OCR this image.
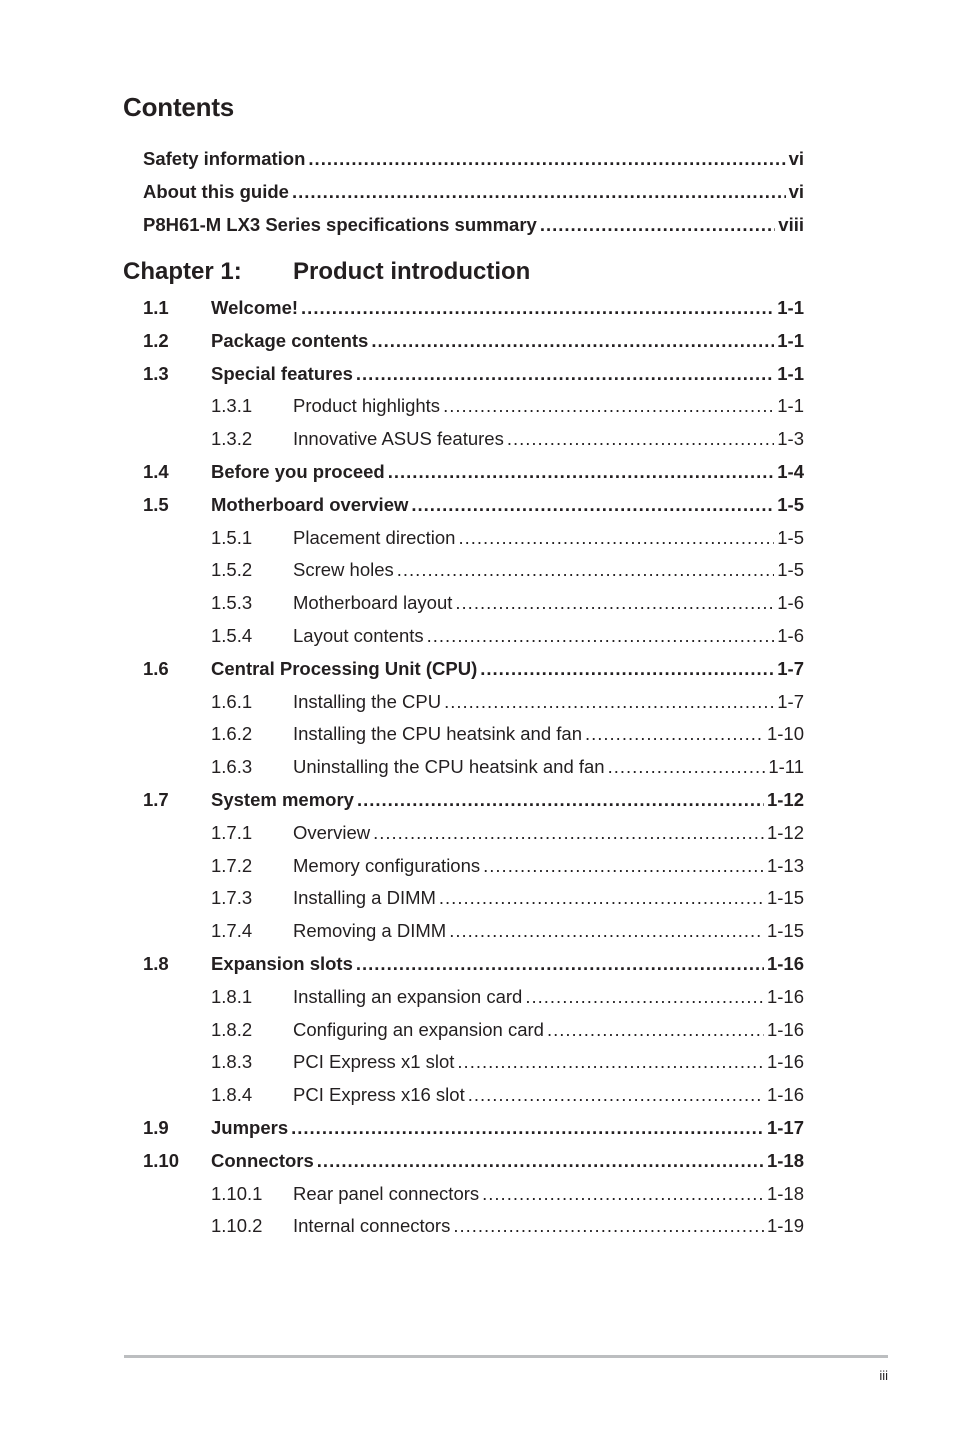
Contents
Safety information .....	vi
About this guide .....	vi
P8H61-M LX3 Series specifications summary .....	viii
Chapter 1: Product introduction
1.1	Welcome! .....	1-1
1.2	Package contents .....	1-1
1.3	Special features .....	1-1
1.3.1	Product highlights .....	1-1
1.3.2	Innovative ASUS features .....	1-3
1.4	Before you proceed .....	1-4
1.5	Motherboard overview .....	1-5
1.5.1	Placement direction .....	1-5
1.5.2	Screw holes .....	1-5
1.5.3	Motherboard layout .....	1-6
1.5.4	Layout contents .....	1-6
1.6	Central Processing Unit (CPU) .....	1-7
1.6.1	Installing the CPU .....	1-7
1.6.2	Installing the CPU heatsink and fan .....	1-10
1.6.3	Uninstalling the CPU heatsink and fan .....	1-11
1.7	System memory .....	1-12
1.7.1	Overview .....	1-12
1.7.2	Memory configurations .....	1-13
1.7.3	Installing a DIMM .....	1-15
1.7.4	Removing a DIMM .....	1-15
1.8	Expansion slots .....	1-16
1.8.1	Installing an expansion card .....	1-16
1.8.2	Configuring an expansion card .....	1-16
1.8.3	PCI Express x1 slot .....	1-16
1.8.4	PCI Express x16 slot .....	1-16
1.9	Jumpers .....	1-17
1.10	Connectors .....	1-18
1.10.1	Rear panel connectors .....	1-18
1.10.2	Internal connectors .....	1-19
iii
